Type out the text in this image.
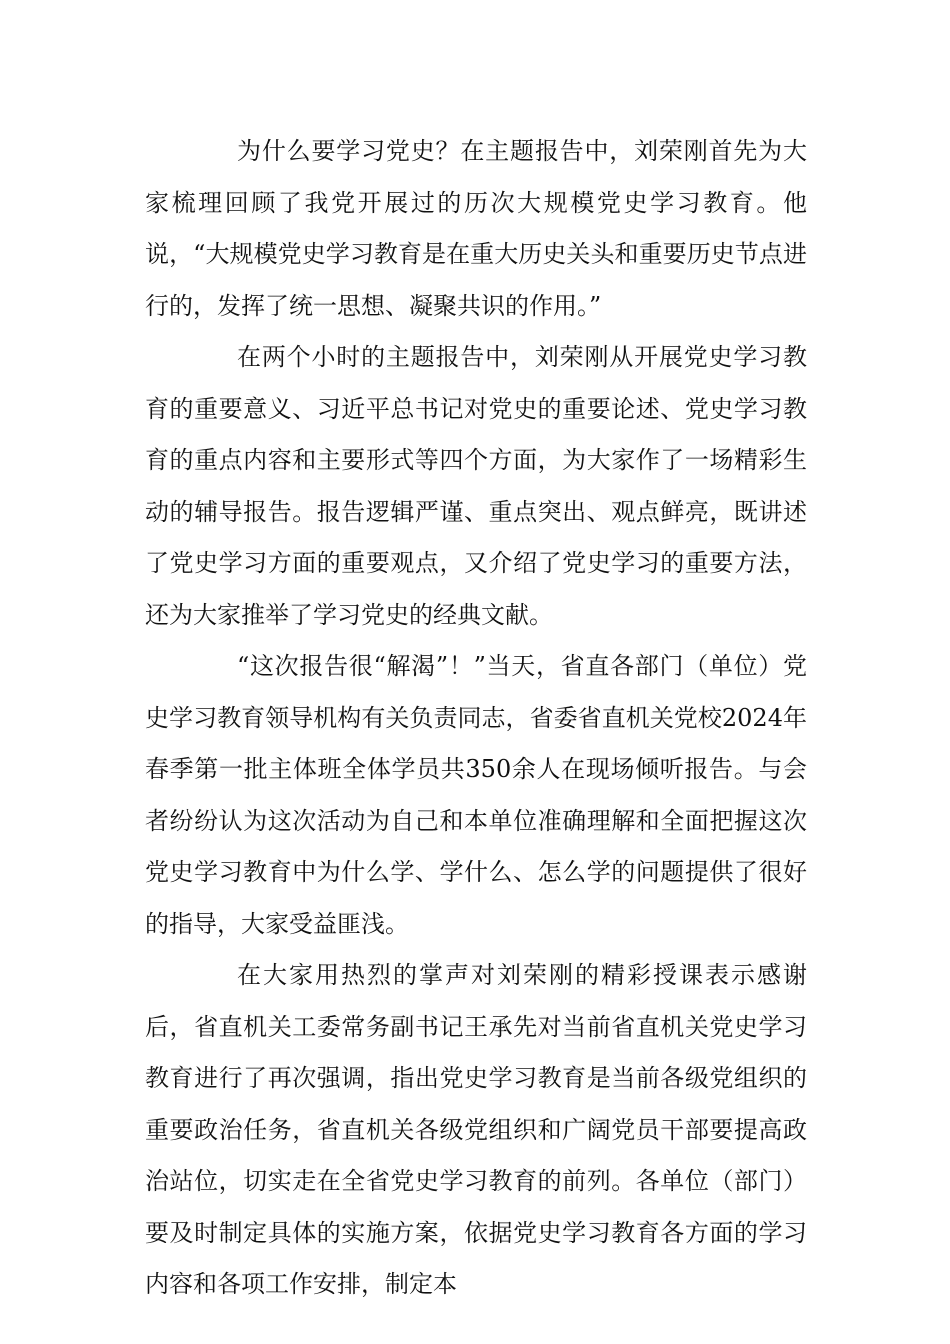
为什么要学习党史？在主题报告中，刘荣刚首先为大家梳理回顾了我党开展过的历次大规模党史学习教育。他说，“大规模党史学习教育是在重大历史关头和重要历史节点进行的，发挥了统一思想、凝聚共识的作用。”

在两个小时的主题报告中，刘荣刚从开展党史学习教育的重要意义、习近平总书记对党史的重要论述、党史学习教育的重点内容和主要形式等四个方面，为大家作了一场精彩生动的辅导报告。报告逻辑严谨、重点突出、观点鲜亮，既讲述了党史学习方面的重要观点，又介绍了党史学习的重要方法，还为大家推举了学习党史的经典文献。

“这次报告很“解渴”！”当天，省直各部门（单位）党史学习教育领导机构有关负责同志，省委省直机关党校2024年春季第一批主体班全体学员共350余人在现场倾听报告。与会者纷纷认为这次活动为自己和本单位准确理解和全面把握这次党史学习教育中为什么学、学什么、怎么学的问题提供了很好的指导，大家受益匪浅。

在大家用热烈的掌声对刘荣刚的精彩授课表示感谢后，省直机关工委常务副书记王承先对当前省直机关党史学习教育进行了再次强调，指出党史学习教育是当前各级党组织的重要政治任务，省直机关各级党组织和广阔党员干部要提高政治站位，切实走在全省党史学习教育的前列。各单位（部门）要及时制定具体的实施方案，依据党史学习教育各方面的学习内容和各项工作安排，制定本
